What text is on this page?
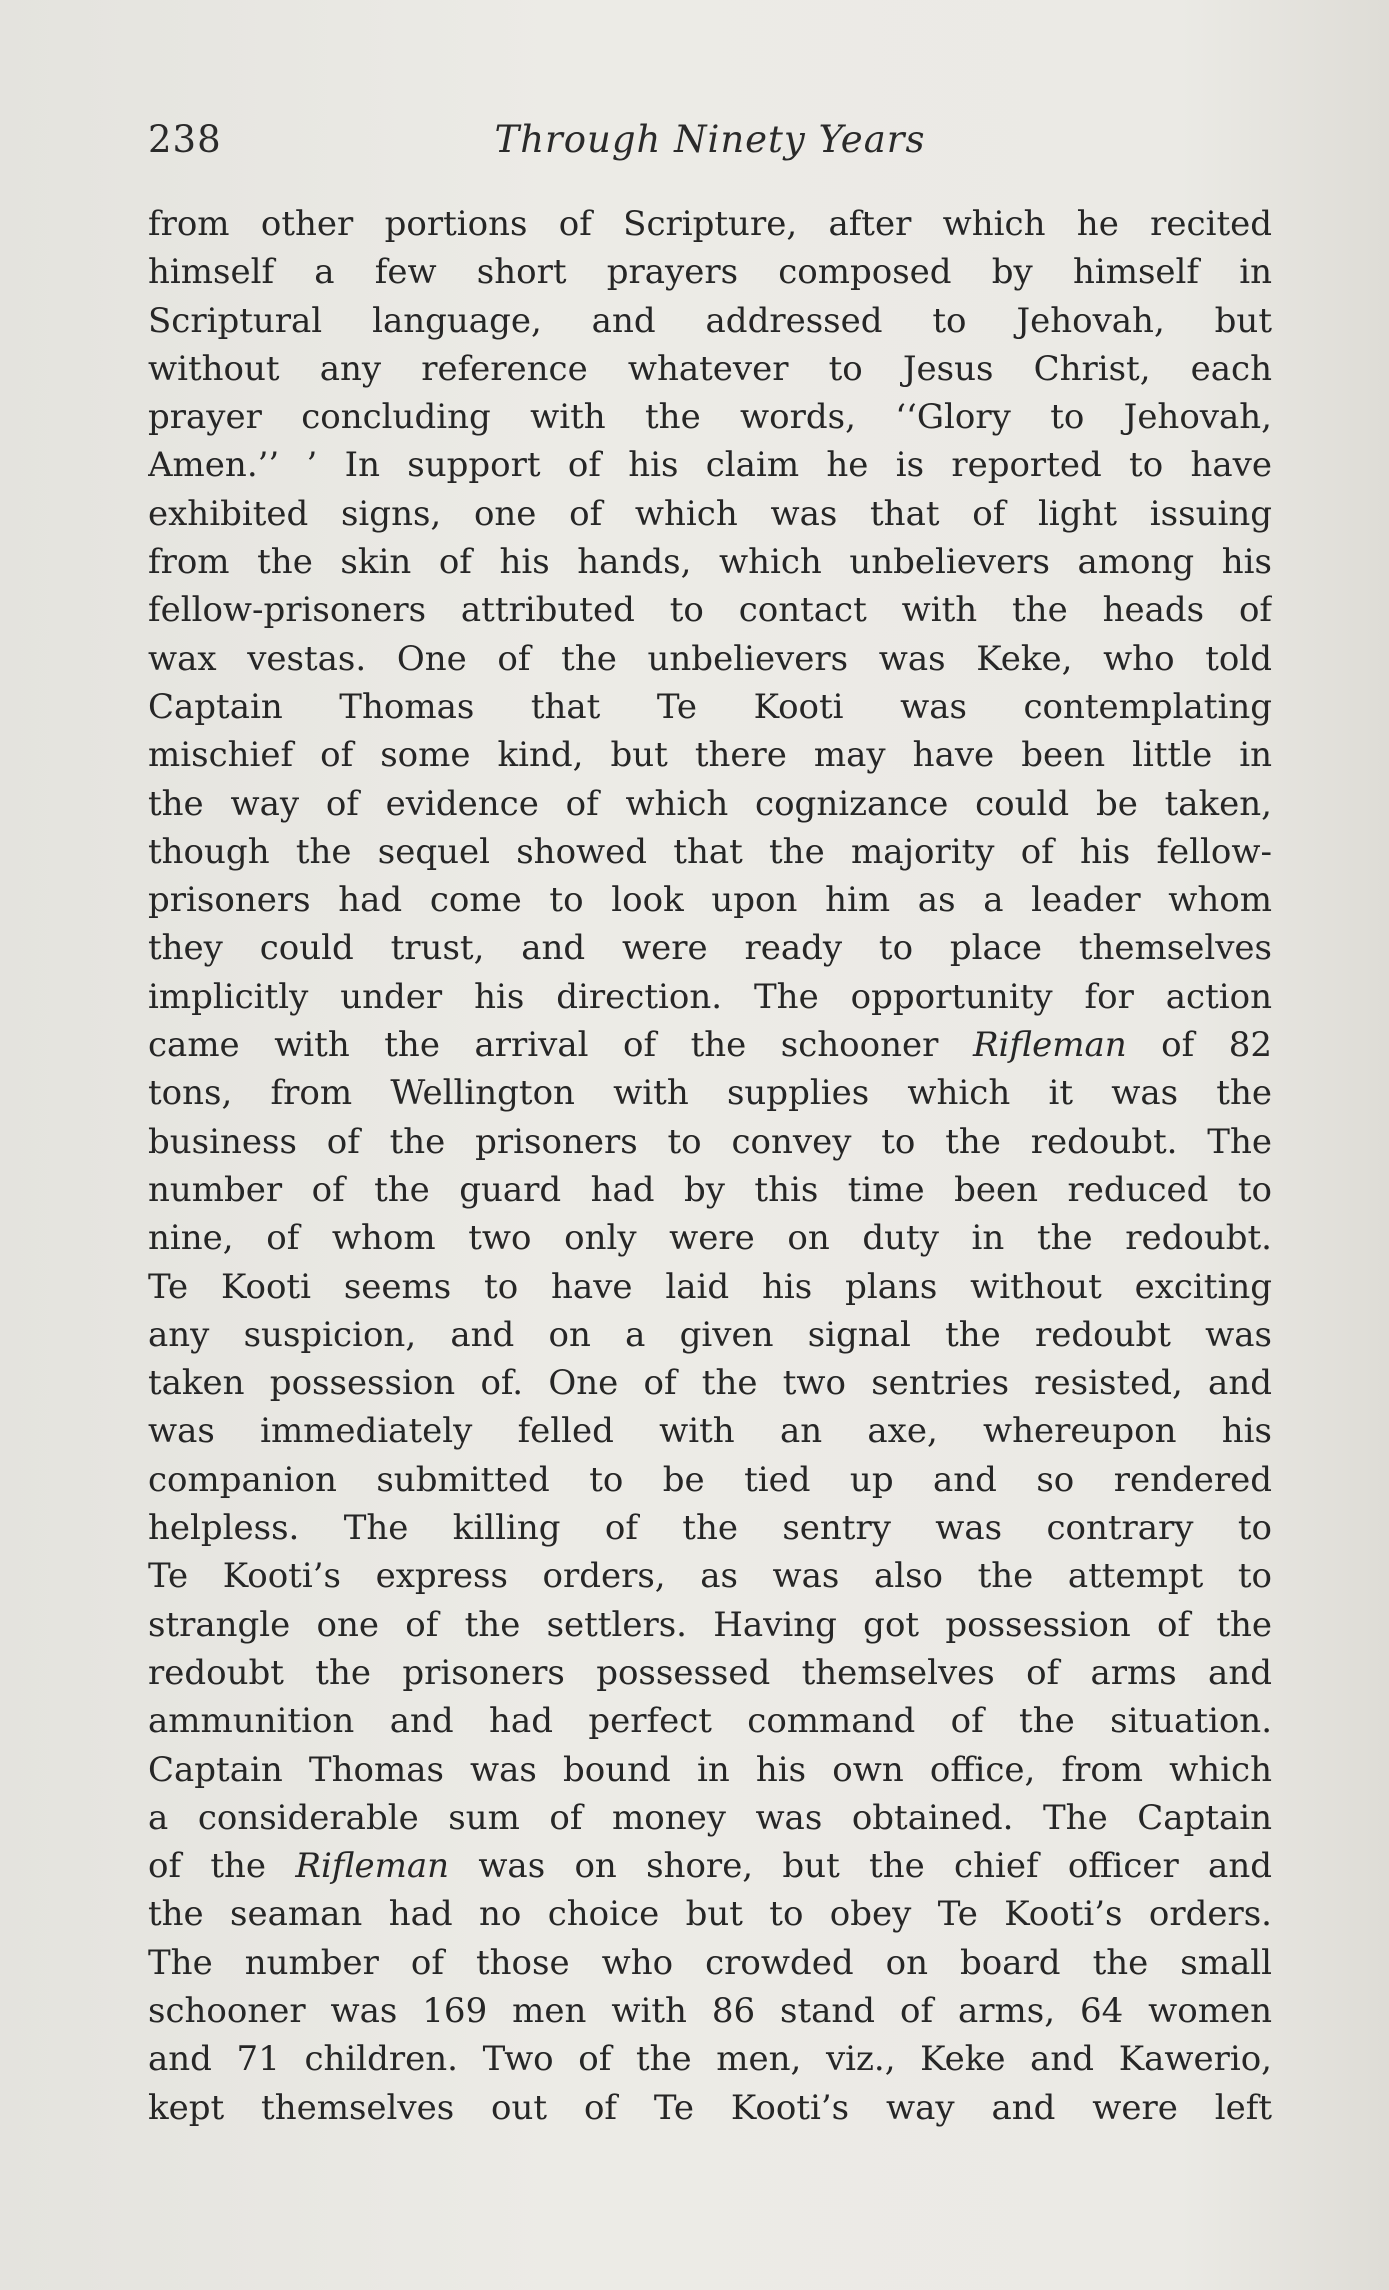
238	Through Ninety Years
from other portions of Scripture, after which he recited
himself a few short prayers composed by himself in
Scriptural language, and addressed to Jehovah, but
without any reference whatever to Jesus Christ, each
prayer concluding with the words, ‘‘Glory to Jehovah,
Amen.’’ ’ In support of his claim he is reported to have
exhibited signs, one of which was that of light issuing
from the skin of his hands, which unbelievers among his
fellow-prisoners attributed to contact with the heads of
wax vestas. One of the unbelievers was Keke, who told
Captain Thomas that Te Kooti was contemplating
mischief of some kind, but there may have been little in
the way of evidence of which cognizance could be taken,
though the sequel showed that the majority of his fellow-
prisoners had come to look upon him as a leader whom
they could trust, and were ready to place themselves
implicitly under his direction. The opportunity for action
came with the arrival of the schooner Rifleman of 82
tons, from Wellington with supplies which it was the
business of the prisoners to convey to the redoubt. The
number of the guard had by this time been reduced to
nine, of whom two only were on duty in the redoubt.
Te Kooti seems to have laid his plans without exciting
any suspicion, and on a given signal the redoubt was
taken possession of. One of the two sentries resisted, and
was immediately felled with an axe, whereupon his
companion submitted to be tied up and so rendered
helpless. The killing of the sentry was contrary to
Te Kooti’s express orders, as was also the attempt to
strangle one of the settlers. Having got possession of the
redoubt the prisoners possessed themselves of arms and
ammunition and had perfect command of the situation.
Captain Thomas was bound in his own office, from which
a considerable sum of money was obtained. The Captain
of the Rifleman was on shore, but the chief officer and
the seaman had no choice but to obey Te Kooti’s orders.
The number of those who crowded on board the small
schooner was 169 men with 86 stand of arms, 64 women
and 71 children. Two of the men, viz., Keke and Kawerio,
kept themselves out of Te Kooti’s way and were left
